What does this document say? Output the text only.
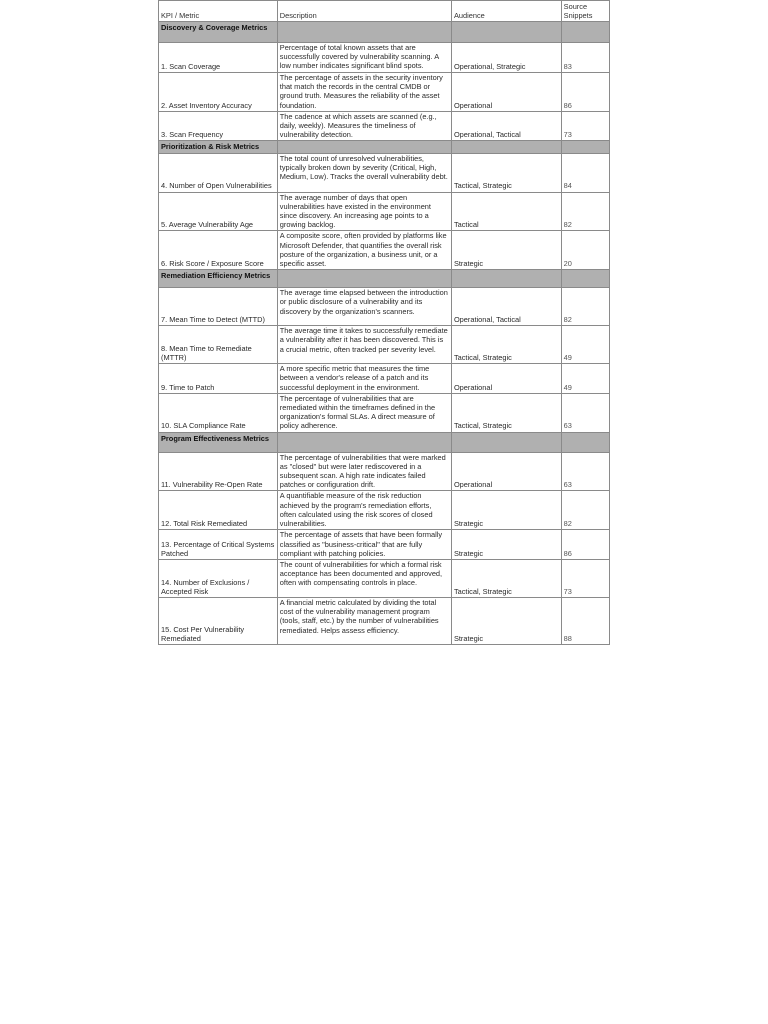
KPI / Metric	Description	Audience	Source Snippets
Discovery & Coverage Metrics			
1. Scan Coverage	Percentage of total known assets that are successfully covered by vulnerability scanning. A low number indicates significant blind spots.	Operational, Strategic	83
2. Asset Inventory Accuracy	The percentage of assets in the security inventory that match the records in the central CMDB or ground truth. Measures the reliability of the asset foundation.	Operational	86
3. Scan Frequency	The cadence at which assets are scanned (e.g., daily, weekly). Measures the timeliness of vulnerability detection.	Operational, Tactical	73
Prioritization & Risk Metrics			
4. Number of Open Vulnerabilities	The total count of unresolved vulnerabilities, typically broken down by severity (Critical, High, Medium, Low). Tracks the overall vulnerability debt.	Tactical, Strategic	84
5. Average Vulnerability Age	The average number of days that open vulnerabilities have existed in the environment since discovery. An increasing age points to a growing backlog.	Tactical	82
6. Risk Score / Exposure Score	A composite score, often provided by platforms like Microsoft Defender, that quantifies the overall risk posture of the organization, a business unit, or a specific asset.	Strategic	20
Remediation Efficiency Metrics			
7. Mean Time to Detect (MTTD)	The average time elapsed between the introduction or public disclosure of a vulnerability and its discovery by the organization's scanners.	Operational, Tactical	82
8. Mean Time to Remediate (MTTR)	The average time it takes to successfully remediate a vulnerability after it has been discovered. This is a crucial metric, often tracked per severity level.	Tactical, Strategic	49
9. Time to Patch	A more specific metric that measures the time between a vendor's release of a patch and its successful deployment in the environment.	Operational	49
10. SLA Compliance Rate	The percentage of vulnerabilities that are remediated within the timeframes defined in the organization's formal SLAs. A direct measure of policy adherence.	Tactical, Strategic	63
Program Effectiveness Metrics			
11. Vulnerability Re-Open Rate	The percentage of vulnerabilities that were marked as "closed" but were later rediscovered in a subsequent scan. A high rate indicates failed patches or configuration drift.	Operational	63
12. Total Risk Remediated	A quantifiable measure of the risk reduction achieved by the program's remediation efforts, often calculated using the risk scores of closed vulnerabilities.	Strategic	82
13. Percentage of Critical Systems Patched	The percentage of assets that have been formally classified as "business-critical" that are fully compliant with patching policies.	Strategic	86
14. Number of Exclusions / Accepted Risk	The count of vulnerabilities for which a formal risk acceptance has been documented and approved, often with compensating controls in place.	Tactical, Strategic	73
15. Cost Per Vulnerability Remediated	A financial metric calculated by dividing the total cost of the vulnerability management program (tools, staff, etc.) by the number of vulnerabilities remediated. Helps assess efficiency.	Strategic	88
